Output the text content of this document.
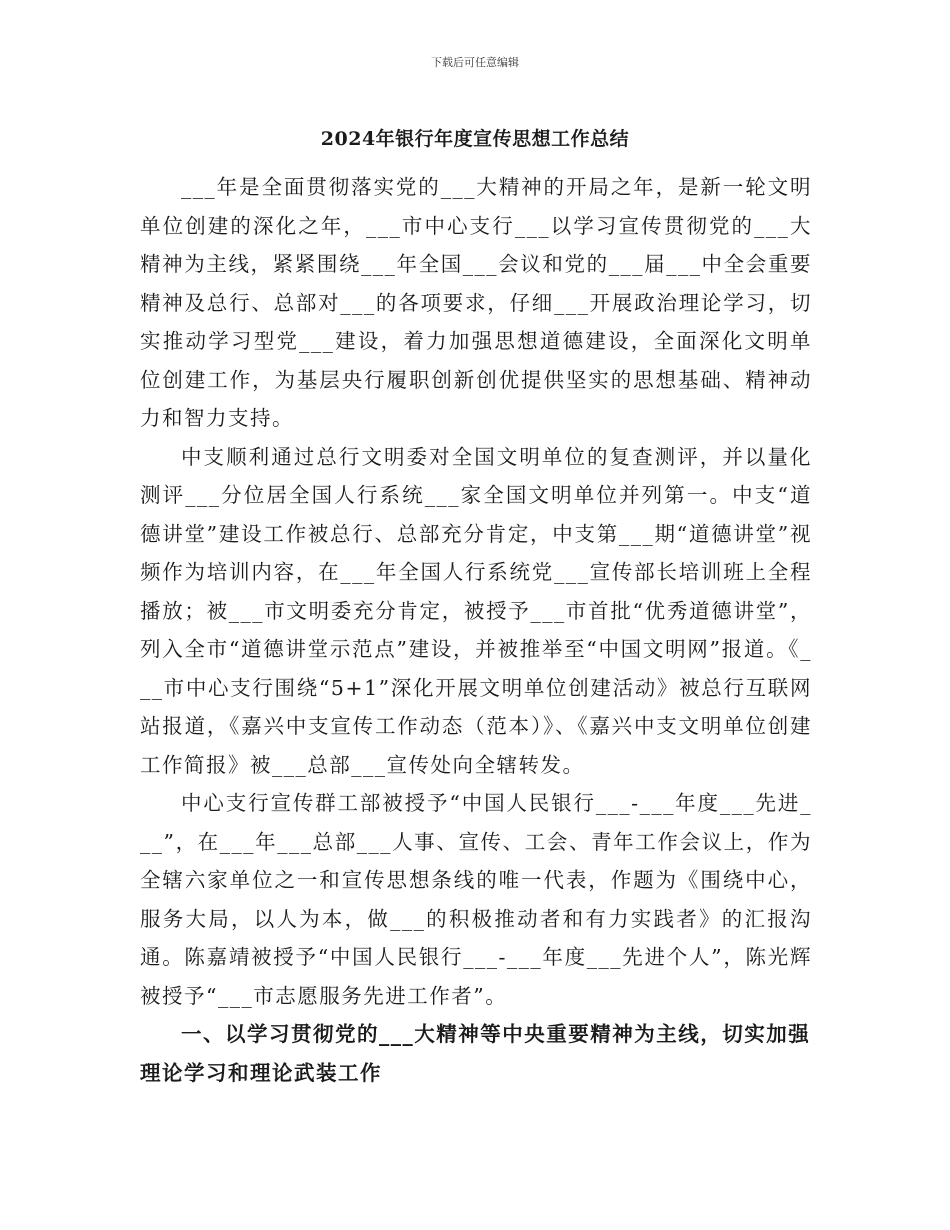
下载后可任意编辑
2024年银行年度宣传思想工作总结

___年是全面贯彻落实党的___大精神的开局之年，是新一轮文明单位创建的深化之年，___市中心支行___以学习宣传贯彻党的___大精神为主线，紧紧围绕___年全国___会议和党的___届___中全会重要精神及总行、总部对___的各项要求，仔细___开展政治理论学习，切实推动学习型党___建设，着力加强思想道德建设，全面深化文明单位创建工作，为基层央行履职创新创优提供坚实的思想基础、精神动力和智力支持。

中支顺利通过总行文明委对全国文明单位的复查测评，并以量化测评___分位居全国人行系统___家全国文明单位并列第一。中支“道德讲堂”建设工作被总行、总部充分肯定，中支第___期“道德讲堂”视频作为培训内容，在___年全国人行系统党___宣传部长培训班上全程播放；被___市文明委充分肯定，被授予___市首批“优秀道德讲堂”，列入全市“道德讲堂示范点”建设，并被推举至“中国文明网”报道。《___市中心支行围绕“5+1”深化开展文明单位创建活动》被总行互联网站报道，《嘉兴中支宣传工作动态（范本）》、《嘉兴中支文明单位创建工作简报》被___总部___宣传处向全辖转发。

中心支行宣传群工部被授予“中国人民银行___-___年度___先进___”，在___年___总部___人事、宣传、工会、青年工作会议上，作为全辖六家单位之一和宣传思想条线的唯一代表，作题为《围绕中心，服务大局，以人为本，做___的积极推动者和有力实践者》的汇报沟通。陈嘉靖被授予“中国人民银行___-___年度___先进个人”，陈光辉被授予“___市志愿服务先进工作者”。

一、以学习贯彻党的___大精神等中央重要精神为主线，切实加强理论学习和理论武装工作
